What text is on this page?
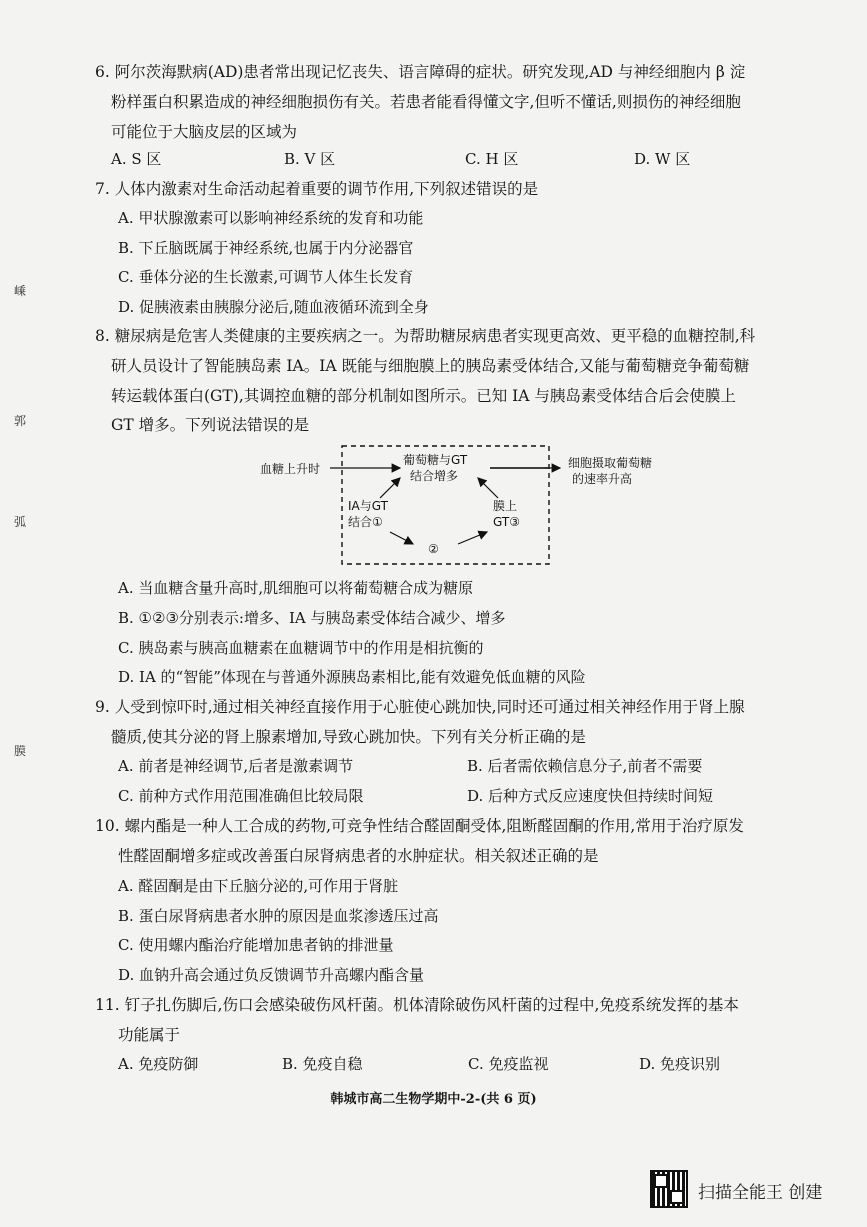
嵊
郭
弧
膜
6. 阿尔茨海默病(AD)患者常出现记忆丧失、语言障碍的症状。研究发现,AD 与神经细胞内 β 淀
粉样蛋白积累造成的神经细胞损伤有关。若患者能看得懂文字,但听不懂话,则损伤的神经细胞
可能位于大脑皮层的区域为
A. S 区	B. V 区	C. H 区	D. W 区
7. 人体内激素对生命活动起着重要的调节作用,下列叙述错误的是
A. 甲状腺激素可以影响神经系统的发育和功能
B. 下丘脑既属于神经系统,也属于内分泌器官
C. 垂体分泌的生长激素,可调节人体生长发育
D. 促胰液素由胰腺分泌后,随血液循环流到全身
8. 糖尿病是危害人类健康的主要疾病之一。为帮助糖尿病患者实现更高效、更平稳的血糖控制,科
研人员设计了智能胰岛素 IA。IA 既能与细胞膜上的胰岛素受体结合,又能与葡萄糖竞争葡萄糖
转运载体蛋白(GT),其调控血糖的部分机制如图所示。已知 IA 与胰岛素受体结合后会使膜上
GT 增多。下列说法错误的是
血糖上升时
葡萄糖与GT
结合增多
细胞摄取葡萄糖
的速率升高
IA与GT
结合①
②
膜上
GT③
A. 当血糖含量升高时,肌细胞可以将葡萄糖合成为糖原
B. ①②③分别表示:增多、IA 与胰岛素受体结合减少、增多
C. 胰岛素与胰高血糖素在血糖调节中的作用是相抗衡的
D. IA 的“智能”体现在与普通外源胰岛素相比,能有效避免低血糖的风险
9. 人受到惊吓时,通过相关神经直接作用于心脏使心跳加快,同时还可通过相关神经作用于肾上腺
髓质,使其分泌的肾上腺素增加,导致心跳加快。下列有关分析正确的是
A. 前者是神经调节,后者是激素调节	B. 后者需依赖信息分子,前者不需要
C. 前种方式作用范围准确但比较局限	D. 后种方式反应速度快但持续时间短
10. 螺内酯是一种人工合成的药物,可竞争性结合醛固酮受体,阻断醛固酮的作用,常用于治疗原发
性醛固酮增多症或改善蛋白尿肾病患者的水肿症状。相关叙述正确的是
A. 醛固酮是由下丘脑分泌的,可作用于肾脏
B. 蛋白尿肾病患者水肿的原因是血浆渗透压过高
C. 使用螺内酯治疗能增加患者钠的排泄量
D. 血钠升高会通过负反馈调节升高螺内酯含量
11. 钉子扎伤脚后,伤口会感染破伤风杆菌。机体清除破伤风杆菌的过程中,免疫系统发挥的基本
功能属于
A. 免疫防御	B. 免疫自稳	C. 免疫监视	D. 免疫识别
韩城市高二生物学期中-2-(共 6 页)
扫描全能王 创建
